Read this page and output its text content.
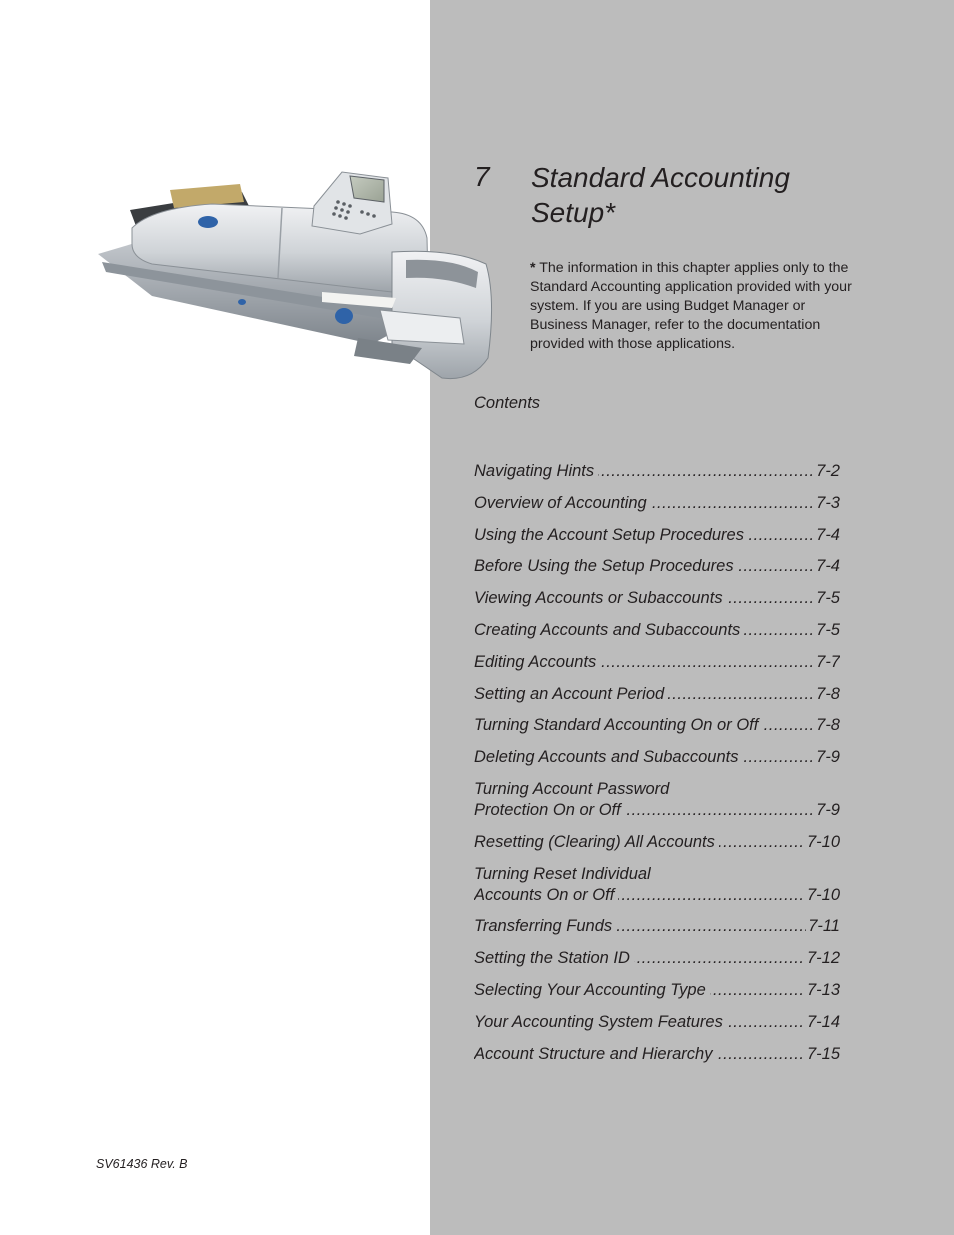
7 Standard Accounting
Setup*
* The information in this chapter applies only to the Standard Accounting application provided with your system. If you are using Budget Manager or Business Manager, refer to the documentation provided with those applications.
Contents
Navigating Hints	7-2
.....
Overview of Accounting	7-3
.....
Using the Account Setup Procedures	7-4
.....
Before Using the Setup Procedures	7-4
.....
Viewing Accounts or Subaccounts	7-5
.....
Creating Accounts and Subaccounts	7-5
.....
Editing Accounts	7-7
.....
Setting an Account Period	7-8
.....
Turning Standard Accounting On or Off	7-8
.....
Deleting Accounts and Subaccounts	7-9
.....
Turning Account Password
Protection On or Off	7-9
.....
Resetting (Clearing) All Accounts	7-10
.....
Turning Reset Individual
Accounts On or Off	7-10
.....
Transferring Funds	7-11
.....
Setting the Station ID	7-12
.....
Selecting Your Accounting Type	7-13
.....
Your Accounting System Features	7-14
.....
Account Structure and Hierarchy	7-15
.....
SV61436 Rev. B
